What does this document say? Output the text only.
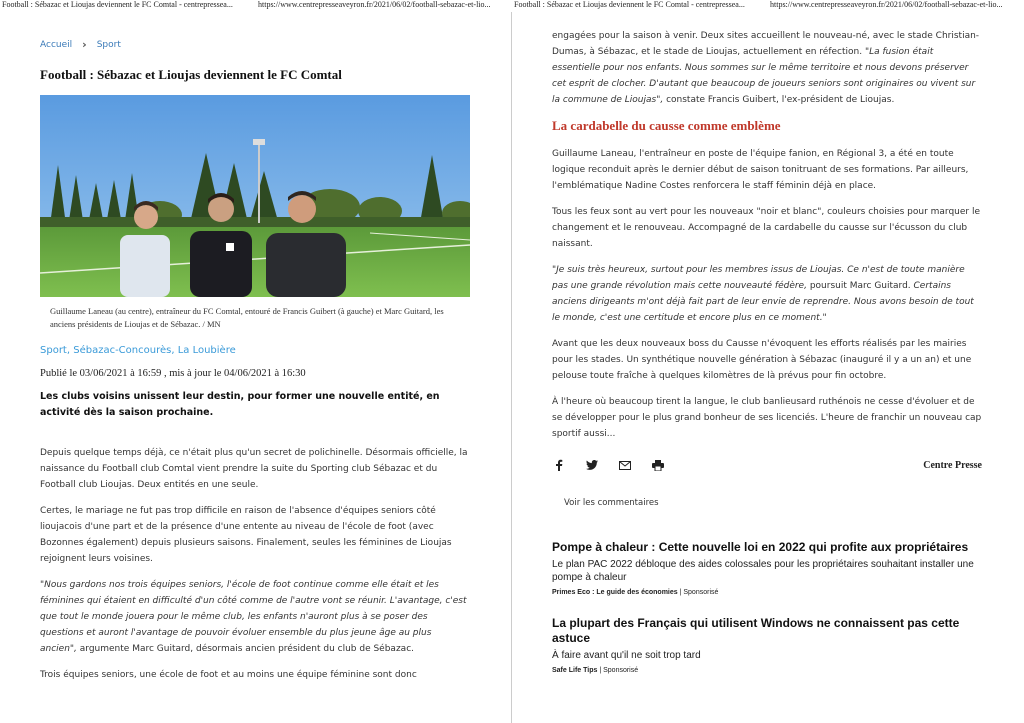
Football : Sébazac et Lioujas deviennent le FC Comtal - centrepressea...	https://www.centrepresseaveyron.fr/2021/06/02/football-sebazac-et-lio...	Football : Sébazac et Lioujas deviennent le FC Comtal - centrepressea...	https://www.centrepresseaveyron.fr/2021/06/02/football-sebazac-et-lio...
Accueil › Sport
Football : Sébazac et Lioujas deviennent le FC Comtal

Guillaume Laneau (au centre), entraîneur du FC Comtal, entouré de Francis Guibert (à gauche) et Marc Guitard, les anciens présidents de Lioujas et de Sébazac. / MN

Sport, Sébazac-Concourès, La Loubière

Publié le 03/06/2021 à 16:59 , mis à jour le 04/06/2021 à 16:30

Les clubs voisins unissent leur destin, pour former une nouvelle entité, en activité dès la saison prochaine.

Depuis quelque temps déjà, ce n'était plus qu'un secret de polichinelle. Désormais officielle, la naissance du Football club Comtal vient prendre la suite du Sporting club Sébazac et du Football club Lioujas. Deux entités en une seule.

Certes, le mariage ne fut pas trop difficile en raison de l'absence d'équipes seniors côté lioujacois d'une part et de la présence d'une entente au niveau de l'école de foot (avec Bozonnes également) depuis plusieurs saisons. Finalement, seules les féminines de Lioujas rejoignent leurs voisines.

"Nous gardons nos trois équipes seniors, l'école de foot continue comme elle était et les féminines qui étaient en difficulté d'un côté comme de l'autre vont se réunir. L'avantage, c'est que tout le monde jouera pour le même club, les enfants n'auront plus à se poser des questions et auront l'avantage de pouvoir évoluer ensemble du plus jeune âge au plus ancien", argumente Marc Guitard, désormais ancien président du club de Sébazac.

Trois équipes seniors, une école de foot et au moins une équipe féminine sont donc

engagées pour la saison à venir. Deux sites accueillent le nouveau-né, avec le stade Christian-Dumas, à Sébazac, et le stade de Lioujas, actuellement en réfection. "La fusion était essentielle pour nos enfants. Nous sommes sur le même territoire et nous devons préserver cet esprit de clocher. D'autant que beaucoup de joueurs seniors sont originaires ou vivent sur la commune de Lioujas", constate Francis Guibert, l'ex-président de Lioujas.

La cardabelle du causse comme emblème

Guillaume Laneau, l'entraîneur en poste de l'équipe fanion, en Régional 3, a été en toute logique reconduit après le dernier début de saison tonitruant de ses formations. Par ailleurs, l'emblématique Nadine Costes renforcera le staff féminin déjà en place.

Tous les feux sont au vert pour les nouveaux "noir et blanc", couleurs choisies pour marquer le changement et le renouveau. Accompagné de la cardabelle du causse sur l'écusson du club naissant.

"Je suis très heureux, surtout pour les membres issus de Lioujas. Ce n'est de toute manière pas une grande révolution mais cette nouveauté fédère, poursuit Marc Guitard. Certains anciens dirigeants m'ont déjà fait part de leur envie de reprendre. Nous avons besoin de tout le monde, c'est une certitude et encore plus en ce moment."

Avant que les deux nouveaux boss du Causse n'évoquent les efforts réalisés par les mairies pour les stades. Un synthétique nouvelle génération à Sébazac (inauguré il y a un an) et une pelouse toute fraîche à quelques kilomètres de là prévus pour fin octobre.

À l'heure où beaucoup tirent la langue, le club banlieusard ruthénois ne cesse d'évoluer et de se développer pour le plus grand bonheur de ses licenciés. L'heure de franchir un nouveau cap sportif aussi...

Centre Presse
Voir les commentaires
Pompe à chaleur : Cette nouvelle loi en 2022 qui profite aux propriétaires
Le plan PAC 2022 débloque des aides colossales pour les propriétaires souhaitant installer une pompe à chaleur
Primes Eco : Le guide des économies | Sponsorisé
La plupart des Français qui utilisent Windows ne connaissent pas cette astuce
À faire avant qu'il ne soit trop tard
Safe Life Tips | Sponsorisé
